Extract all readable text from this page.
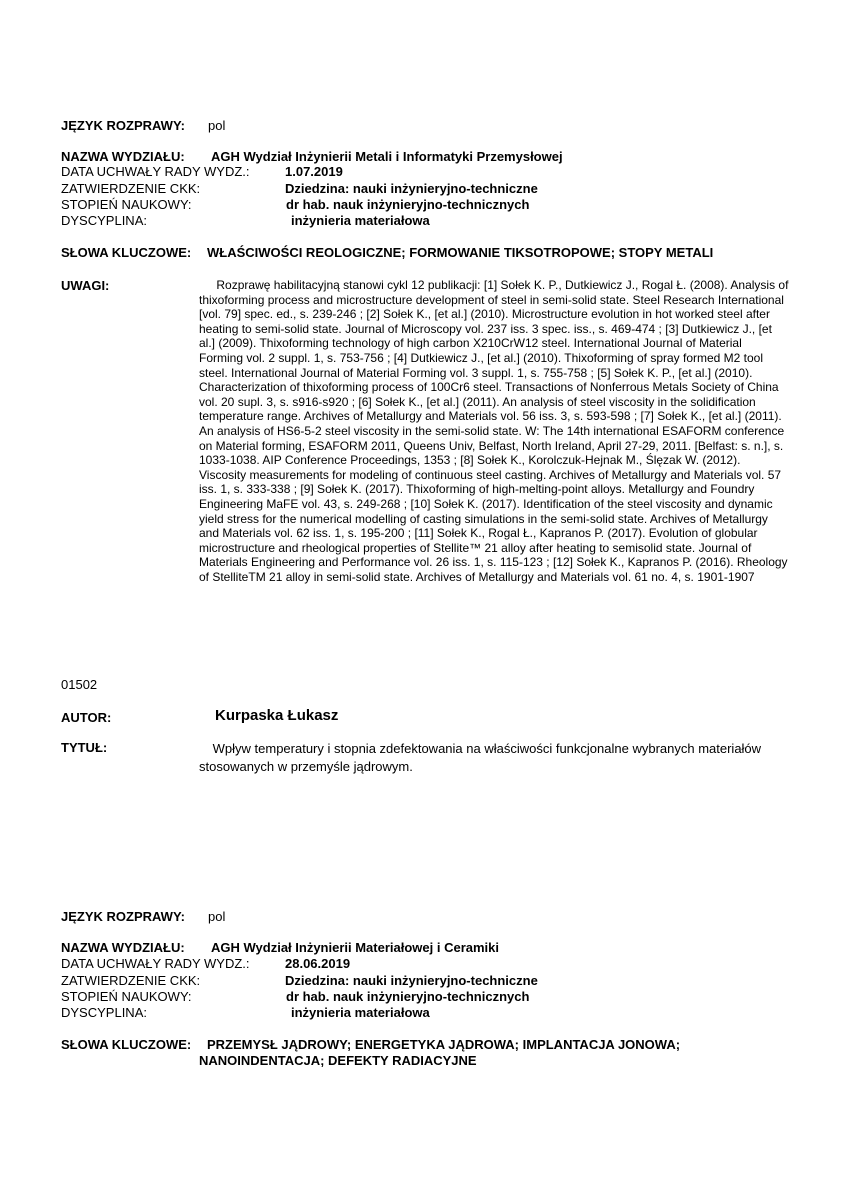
JĘZYK ROZPRAWY: pol
NAZWA WYDZIAŁU: AGH Wydział Inżynierii Metali i Informatyki Przemysłowej
DATA UCHWAŁY RADY WYDZ.:	1.07.2019
ZATWIERDZENIE CKK:	Dziedzina: nauki inżynieryjno-techniczne
STOPIEŃ NAUKOWY:	dr hab. nauk inżynieryjno-technicznych
DYSCYPLINA:	inżynieria materiałowa
SŁOWA KLUCZOWE: WŁAŚCIWOŚCI REOLOGICZNE; FORMOWANIE TIKSOTROPOWE; STOPY METALI
UWAGI:	Rozprawę habilitacyjną stanowi cykl 12 publikacji: [1] Sołek K. P., Dutkiewicz J., Rogal Ł. (2008). Analysis of thixoforming process and microstructure development of steel in semi-solid state. Steel Research International [vol. 79] spec. ed., s. 239-246 ; [2] Sołek K., [et al.] (2010). Microstructure evolution in hot worked steel after heating to semi-solid state. Journal of Microscopy vol. 237 iss. 3 spec. iss., s. 469-474 ; [3] Dutkiewicz J., [et al.] (2009). Thixoforming technology of high carbon X210CrW12 steel. International Journal of Material Forming vol. 2 suppl. 1, s. 753-756 ; [4] Dutkiewicz J., [et al.] (2010). Thixoforming of spray formed M2 tool steel. International Journal of Material Forming vol. 3 suppl. 1, s. 755-758 ; [5] Sołek K. P., [et al.] (2010). Characterization of thixoforming process of 100Cr6 steel. Transactions of Nonferrous Metals Society of China vol. 20 supl. 3, s. s916-s920 ; [6] Sołek K., [et al.] (2011). An analysis of steel viscosity in the solidification temperature range. Archives of Metallurgy and Materials vol. 56 iss. 3, s. 593-598 ; [7] Sołek K., [et al.] (2011). An analysis of HS6-5-2 steel viscosity in the semi-solid state. W: The 14th international ESAFORM conference on Material forming, ESAFORM 2011, Queens Univ, Belfast, North Ireland, April 27-29, 2011. [Belfast: s. n.], s. 1033-1038. AIP Conference Proceedings, 1353 ; [8] Sołek K., Korolczuk-Hejnak M., Ślęzak W. (2012). Viscosity measurements for modeling of continuous steel casting. Archives of Metallurgy and Materials vol. 57 iss. 1, s. 333-338 ; [9] Sołek K. (2017). Thixoforming of high-melting-point alloys. Metallurgy and Foundry Engineering MaFE vol. 43, s. 249-268 ; [10] Sołek K. (2017). Identification of the steel viscosity and dynamic yield stress for the numerical modelling of casting simulations in the semi-solid state. Archives of Metallurgy and Materials vol. 62 iss. 1, s. 195-200 ; [11] Sołek K., Rogal Ł., Kapranos P. (2017). Evolution of globular microstructure and rheological properties of Stellite™ 21 alloy after heating to semisolid state. Journal of Materials Engineering and Performance vol. 26 iss. 1, s. 115-123 ; [12] Sołek K., Kapranos P. (2016). Rheology of StelliteTM 21 alloy in semi-solid state. Archives of Metallurgy and Materials vol. 61 no. 4, s. 1901-1907
01502
AUTOR:	Kurpaska Łukasz
TYTUŁ:	Wpływ temperatury i stopnia zdefektowania na właściwości funkcjonalne wybranych materiałów stosowanych w przemyśle jądrowym.
JĘZYK ROZPRAWY: pol
NAZWA WYDZIAŁU: AGH Wydział Inżynierii Materiałowej i Ceramiki
DATA UCHWAŁY RADY WYDZ.:	28.06.2019
ZATWIERDZENIE CKK:	Dziedzina: nauki inżynieryjno-techniczne
STOPIEŃ NAUKOWY:	dr hab. nauk inżynieryjno-technicznych
DYSCYPLINA:	inżynieria materiałowa
SŁOWA KLUCZOWE: PRZEMYSŁ JĄDROWY; ENERGETYKA JĄDROWA; IMPLANTACJA JONOWA;
NANOINDENTACJA; DEFEKTY RADIACYJNE
